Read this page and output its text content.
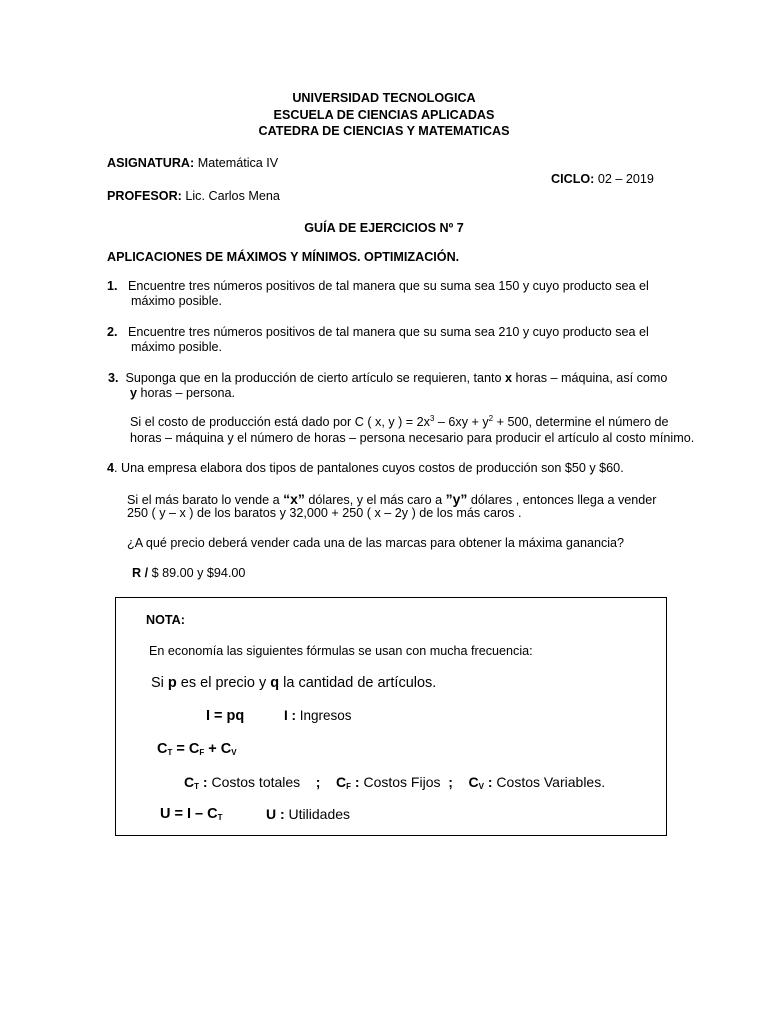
UNIVERSIDAD TECNOLOGICA
ESCUELA DE CIENCIAS APLICADAS
CATEDRA DE CIENCIAS Y MATEMATICAS
ASIGNATURA: Matemática IV
CICLO: 02 – 2019
PROFESOR: Lic. Carlos Mena
GUÍA DE EJERCICIOS Nº 7
APLICACIONES DE MÁXIMOS Y MÍNIMOS. OPTIMIZACIÓN.
1. Encuentre tres números positivos de tal manera que su suma sea 150 y cuyo producto sea el
máximo posible.
2. Encuentre tres números positivos de tal manera que su suma sea 210 y cuyo producto sea el
máximo posible.
3. Suponga que en la producción de cierto artículo se requieren, tanto x horas – máquina, así como
y horas – persona.
Si el costo de producción está dado por C ( x, y ) = $2x^3 - 6xy + y^2 + 500$, determine el número de
horas – máquina y el número de horas – persona necesario para producir el artículo al costo mínimo.
4. Una empresa elabora dos tipos de pantalones cuyos costos de producción son $50 y $60.
Si el más barato lo vende a “x” dólares, y el más caro a ”y” dólares , entonces llega a vender
250 ( y – x ) de los baratos y 32,000 + 250 ( x – 2y ) de los más caros .
¿A qué precio deberá vender cada una de las marcas para obtener la máxima ganancia?
R / $ 89.00 y $94.00
NOTA:
En economía las siguientes fórmulas se usan con mucha frecuencia:
Si p es el precio y q la cantidad de artículos.
I = pq	I : Ingresos
$C_T = C_F + C_V$
$C_T$ : Costos totales ; $C_F$ : Costos Fijos ; $C_V$ : Costos Variables.
$U = I - C_T$	U : Utilidades
